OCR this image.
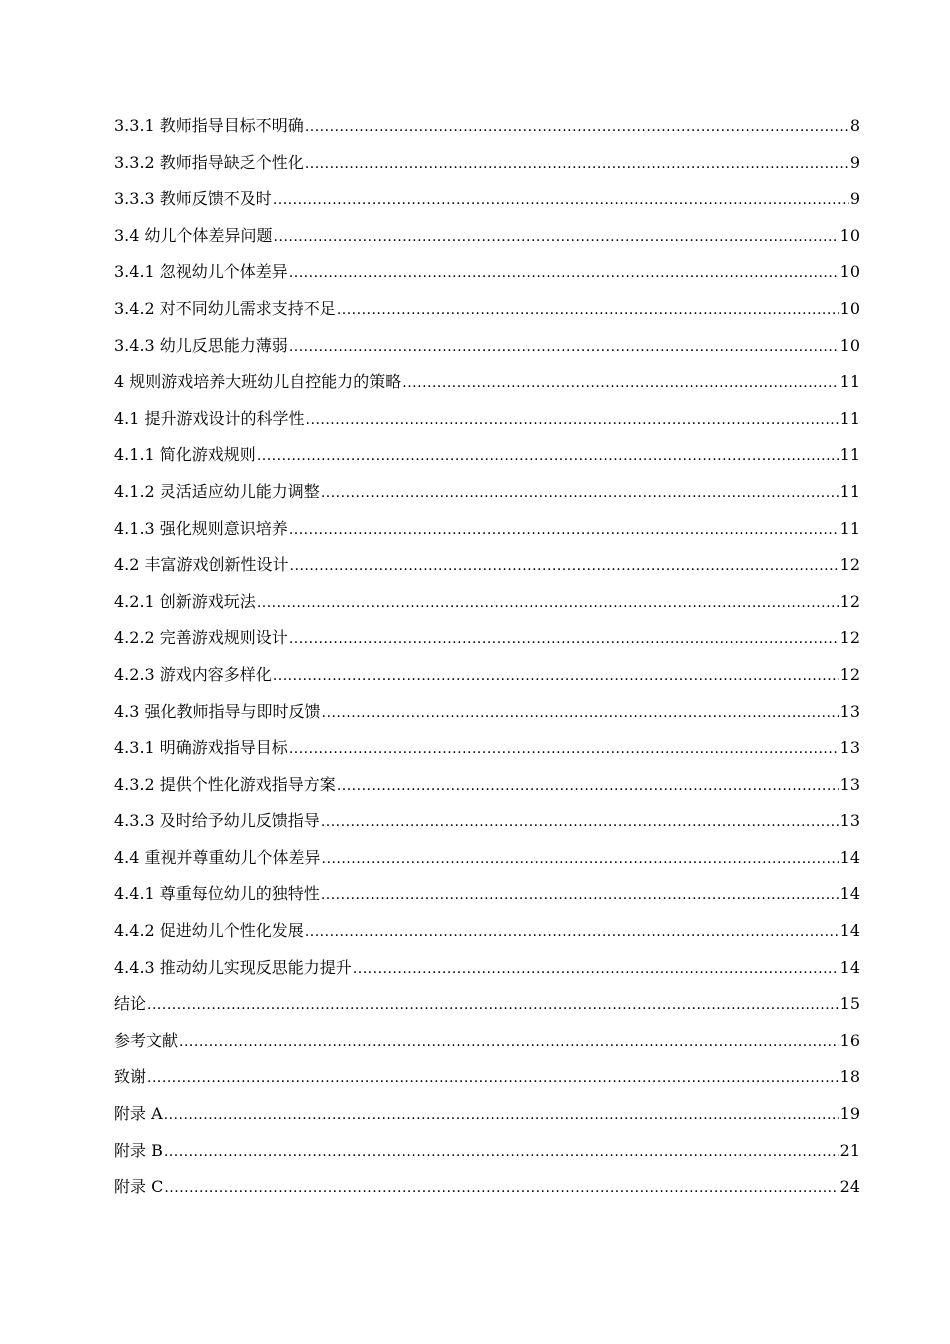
3.3.1 教师指导目标不明确 .....	8
3.3.2 教师指导缺乏个性化 .....	9
3.3.3 教师反馈不及时 .....	9
3.4 幼儿个体差异问题 .....	10
3.4.1 忽视幼儿个体差异 .....	10
3.4.2 对不同幼儿需求支持不足 .....	10
3.4.3 幼儿反思能力薄弱 .....	10
4 规则游戏培养大班幼儿自控能力的策略 .....	11
4.1 提升游戏设计的科学性 .....	11
4.1.1 简化游戏规则 .....	11
4.1.2 灵活适应幼儿能力调整 .....	11
4.1.3 强化规则意识培养 .....	11
4.2 丰富游戏创新性设计 .....	12
4.2.1 创新游戏玩法 .....	12
4.2.2 完善游戏规则设计 .....	12
4.2.3 游戏内容多样化 .....	12
4.3 强化教师指导与即时反馈 .....	13
4.3.1 明确游戏指导目标 .....	13
4.3.2 提供个性化游戏指导方案 .....	13
4.3.3 及时给予幼儿反馈指导 .....	13
4.4 重视并尊重幼儿个体差异 .....	14
4.4.1 尊重每位幼儿的独特性 .....	14
4.4.2 促进幼儿个性化发展 .....	14
4.4.3 推动幼儿实现反思能力提升 .....	14
结论 .....	15
参考文献 .....	16
致谢 .....	18
附录 A .....	19
附录 B .....	21
附录 C .....	24
